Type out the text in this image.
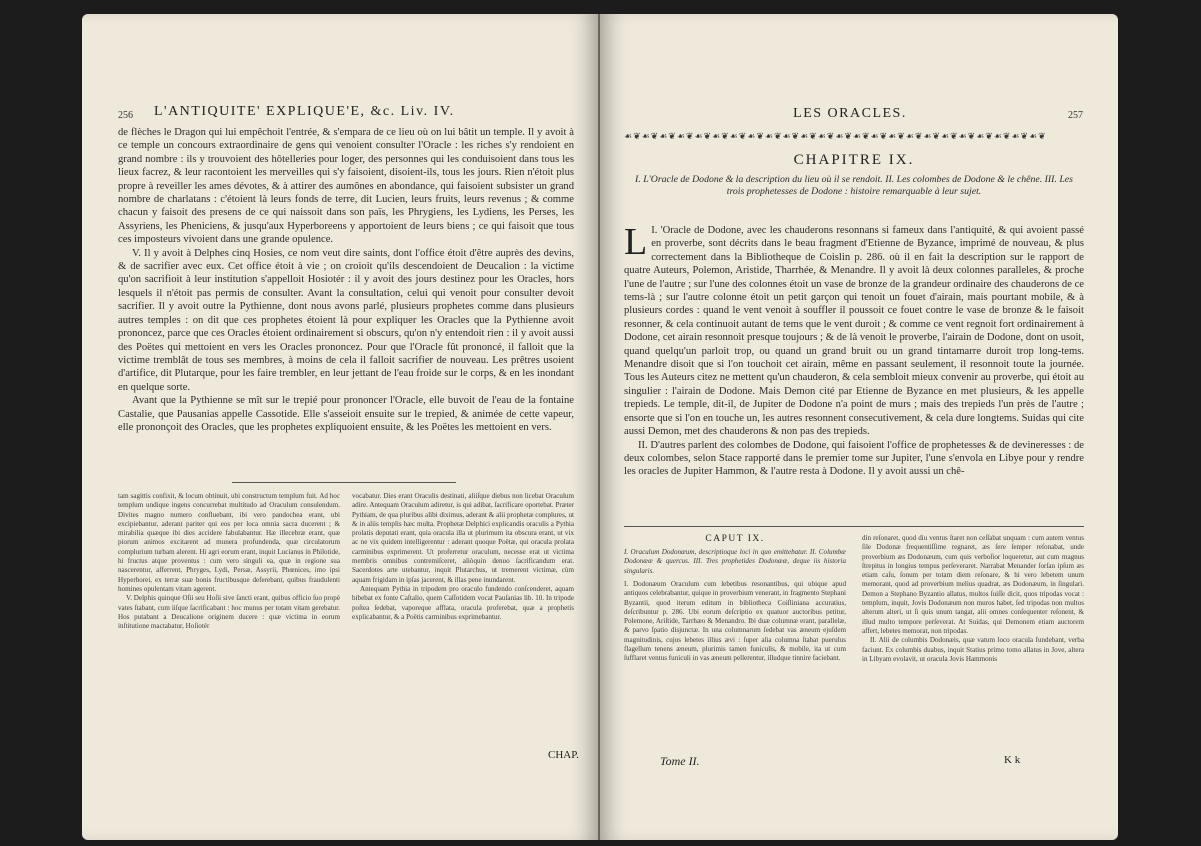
256 L'ANTIQUITE' EXPLIQUE'E, &c. Liv. IV.

de flèches le Dragon qui lui empêchoit l'entrée, & s'empara de ce lieu où on lui bâtit un temple. Il y avoit à ce temple un concours extraordinaire de gens qui venoient consulter l'Oracle : les riches s'y rendoient en grand nombre : ils y trouvoient des hôtelleries pour loger, des personnes qui les conduisoient dans tous les lieux facrez, & leur racontoient les merveilles qui s'y faisoient, disoient-ils, tous les jours. Rien n'étoit plus propre à reveiller les ames dévotes, & à attirer des aumônes en abondance, qui faisoient subsister un grand nombre de charlatans : c'étoient là leurs fonds de terre, dit Lucien, leurs fruits, leurs revenus ; & comme chacun y faisoit des presens de ce qui naissoit dans son païs, les Phrygiens, les Lydiens, les Perses, les Assyriens, les Pheniciens, & jusqu'aux Hyperboreens y apportoient de leurs biens ; ce qui faisoit que tous ces imposteurs vivoient dans une grande opulence.

V. Il y avoit à Delphes cinq Hosies, ce nom veut dire saints, dont l'office étoit d'être auprès des devins, & de sacrifier avec eux. Cet office étoit à vie ; on croioit qu'ils descendoient de Deucalion : la victime qu'on sacrifioit à leur institution s'appelloit Hosiotér : il y avoit des jours destinez pour les Oracles, hors lesquels il n'étoit pas permis de consulter. Avant la consultation, celui qui venoit pour consulter devoit sacrifier. Il y avoit outre la Pythienne, dont nous avons parlé, plusieurs prophetes comme dans plusieurs autres temples : on dit que ces prophetes étoient là pour expliquer les Oracles que la Pythienne avoit prononcez, parce que ces Oracles étoient ordinairement si obscurs, qu'on n'y entendoit rien : il y avoit aussi des Poëtes qui mettoient en vers les Oracles prononcez. Pour que l'Oracle fût prononcé, il falloit que la victime tremblât de tous ses membres, à moins de cela il falloit sacrifier de nouveau. Les prêtres usoient d'artifice, dit Plutarque, pour les faire trembler, en leur jettant de l'eau froide sur le corps, & en les inondant en quelque sorte.

Avant que la Pythienne se mît sur le trepié pour prononcer l'Oracle, elle buvoit de l'eau de la fontaine Castalie, que Pausanias appelle Cassotide. Elle s'asseioit ensuite sur le trepied, & animée de cette vapeur, elle prononçoit des Oracles, que les prophetes expliquoient ensuite, & les Poëtes les mettoient en vers.

tam sagittis confixit, & locum obtinuit, ubi constructum templum fuit. Ad hoc templum undique ingens concurrebat multitudo ad Oraculum consulendum. Divites magno numero confluebant, ibi vero pandochea erant, ubi excipiebantur, aderant pariter qui eos per loca omnia sacra ducerent ; & mirabilia quæque ibi dies accidere fabulabantur. Hæ illecebræ erant, quæ piorum animos excitarent ad munera profundenda, quæ circulatorum complurium turbam alerent. Hi agri eorum erant, inquit Lucianus in Philotide, hi fructus atque proventus : cum vero singuli ea, quæ in regione sua nascerentur, afferrent, Phryges, Lydi, Persæ, Assyrii, Phœnices, imo ipsi Hyperborei, ex terræ suæ bonis fructibusque deferebant, quibus fraudulenti homines opulentam vitam agerent.

V. Delphis quinque Oſii seu Hoſii sive ſancti erant, quibus officio ſuo propè vates ſtabant, cum iiſque ſacrificabant : hoc munus per totam vitam gerebatur. Hos putabant a Deucalione originem ducere : quæ victima in eorum inſtitutione mactabatur, Hoſiotér

vocabatur. Dies erant Oraculis destinati, aliiſque diebus non licebat Oraculum adire. Antequam Oraculum adiretur, is qui adibat, ſacrificare oportebat. Præter Pythiam, de qua pluribus alibi diximus, aderant & alii prophetæ complures, ut & in aliis templis hæc multa. Prophetæ Delphici explicandis oraculis a Pythia prolatis deputati erant, quia oracula illa ut plurimum ita obscura erant, ut vix ac ne vix quidem intelligerentur : aderant quoque Poëtæ, qui oracula prolata carminibus exprimerent. Ut proferretur oraculum, necesse erat ut victima membris omnibus contremiſceret, aliòquin denuo ſacrificandum erat. Sacerdotes arte utebantur, inquit Plutarchus, ut tremerent victimæ, cùm aquam frigidam in ipſas jacerent, & illas pene inundarent.

Antequam Pythia in tripodem pro oraculo fundendo conſcenderet, aquam bibebat ex fonte Caſtalio, quem Caſſotidem vocat Pauſanias lib. 10. In tripode poſtea ſedebat, vaporeque afflata, oracula proferebat, quæ a prophetis explicabantur, & a Poëtis carminibus exprimebantur.

CHAP.
LES ORACLES.	257
☙❦☙❦☙❦☙❦☙❦☙❦☙❦☙❦☙❦☙❦☙❦☙❦☙❦☙❦☙❦☙❦☙❦☙❦☙❦☙❦☙❦☙❦☙❦☙❦
CHAPITRE IX.
I. L'Oracle de Dodone & la description du lieu où il se rendoit. II. Les colombes de Dodone & le chêne. III. Les trois prophetesses de Dodone : histoire remarquable à leur sujet.

L I. 'Oracle de Dodone, avec les chauderons resonnans si fameux dans l'antiquité, & qui avoient passé en proverbe, sont décrits dans le beau fragment d'Etienne de Byzance, imprimé de nouveau, & plus correctement dans la Bibliotheque de Coislin p. 286. où il en fait la description sur le rapport de quatre Auteurs, Polemon, Aristide, Tharrhée, & Menandre. Il y avoit là deux colonnes paralleles, & proche l'une de l'autre ; sur l'une des colonnes étoit un vase de bronze de la grandeur ordinaire des chauderons de ce tems-là ; sur l'autre colonne étoit un petit garçon qui tenoit un fouet d'airain, mais pourtant mobile, & à plusieurs cordes : quand le vent venoit à souffler il poussoit ce fouet contre le vase de bronze & le faisoit resonner, & cela continuoit autant de tems que le vent duroit ; & comme ce vent regnoit fort ordinairement à Dodone, cet airain resonnoit presque toujours ; & de là venoit le proverbe, l'airain de Dodone, dont on usoit, quand quelqu'un parloit trop, ou quand un grand bruit ou un grand tintamarre duroit trop long-tems. Menandre disoit que si l'on touchoit cet airain, même en passant seulement, il resonnoit toute la journée. Tous les Auteurs citez ne mettent qu'un chauderon, & cela sembloit mieux convenir au proverbe, qui étoit au singulier : l'airain de Dodone. Mais Demon cité par Etienne de Byzance en met plusieurs, & les appelle trepieds. Le temple, dit-il, de Jupiter de Dodone n'a point de murs ; mais des trepieds l'un près de l'autre ; ensorte que si l'on en touche un, les autres resonnent consecutivement, & cela dure longtems. Suidas qui cite aussi Demon, met des chauderons & non pas des trepieds.

II. D'autres parlent des colombes de Dodone, qui faisoient l'office de prophetesses & de devineresses : de deux colombes, selon Stace rapporté dans le premier tome sur Jupiter, l'une s'envola en Libye pour y rendre les oracles de Jupiter Hammon, & l'autre resta à Dodone. Il y avoit aussi un chê-

CAPUT IX.
I. Oraculum Dodonæum, descriptioque loci in quo emittebatur. II. Columbæ Dodonææ & quercus. III. Tres prophetides Dodonææ, deque iis historia singularis.

I. Dodonæum Oraculum cum lebetibus resonantibus, qui ubique apud antiquos celebrabantur, quique in proverbium venerant, in fragmento Stephani Byzantii, quod iterum editum in bibliotheca Coiſliniana accuratius, deſcribuntur p. 286. Ubi eorum deſcriptio ex quatuor auctoribus petitur, Polemone, Ariſtide, Tarrhæo & Menandro. Ibi duæ columnæ erant, parallelæ, & parvo ſpatio disjunctæ. In una columnarum ſedebat vas æneum ejuſdem magnitudinis, cujus lebetes illius ævi : ſuper alia columna ſtabat puerulus flagellum tenens æneum, plurimis tamen funiculis, & mobile, ita ut cum ſufflaret ventus funiculi in vas æneum pellerentur, illudque tinnire faciebant.

din reſonaret, quod diu ventus ſtaret non ceſſabat unquam : cum autem ventus ſile Dodonæ frequentiſſime regnaret, æs ſere ſemper reſonabat, unde proverbium æs Dodonæum, cum quis verboſior loqueretur, aut cum magnus ſtrepitus in longius tempus perſeveraret. Narrabat Menander ſorſan ipſum æs etiam caſu, ſonum per totam diem reſonare, & hi vero lebetem unum memorant, quod ad proverbium melius quadrat, æs Dodonæum, in ſingulari. Demon a Stephano Byzantio allatus, multos ſuiſſe dicit, quos tripodas vocat : templum, inquit, Jovis Dodonæum non muros habet, ſed tripodas non multos alterum alteri, ut ſi quis unum tangat, alii omnes conſequenter reſonent, & illud multo tempore perſeverat. At Suidas, qui Demonem etiam auctorem affert, lebetes memorat, non tripodas.

II. Alii de columbis Dodonæis, quæ vatum loco oracula fundebant, verba faciunt. Ex columbis duabus, inquit Statius primo tomo allatus in Jove, altera in Libyam evolavit, ut oracula Jovis Hammonis

Tome II.	K k
